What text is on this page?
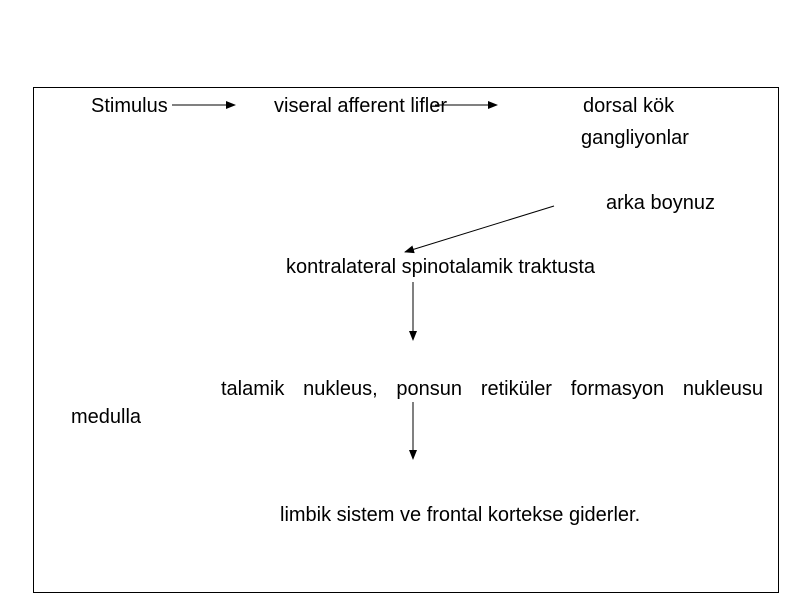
Stimulus	viseral afferent lifler	dorsal kök
gangliyonlar
arka boynuz
kontralateral spinotalamik traktusta
talamik nukleus, ponsun retiküler formasyon nukleusu
medulla
limbik sistem ve frontal kortekse giderler.
